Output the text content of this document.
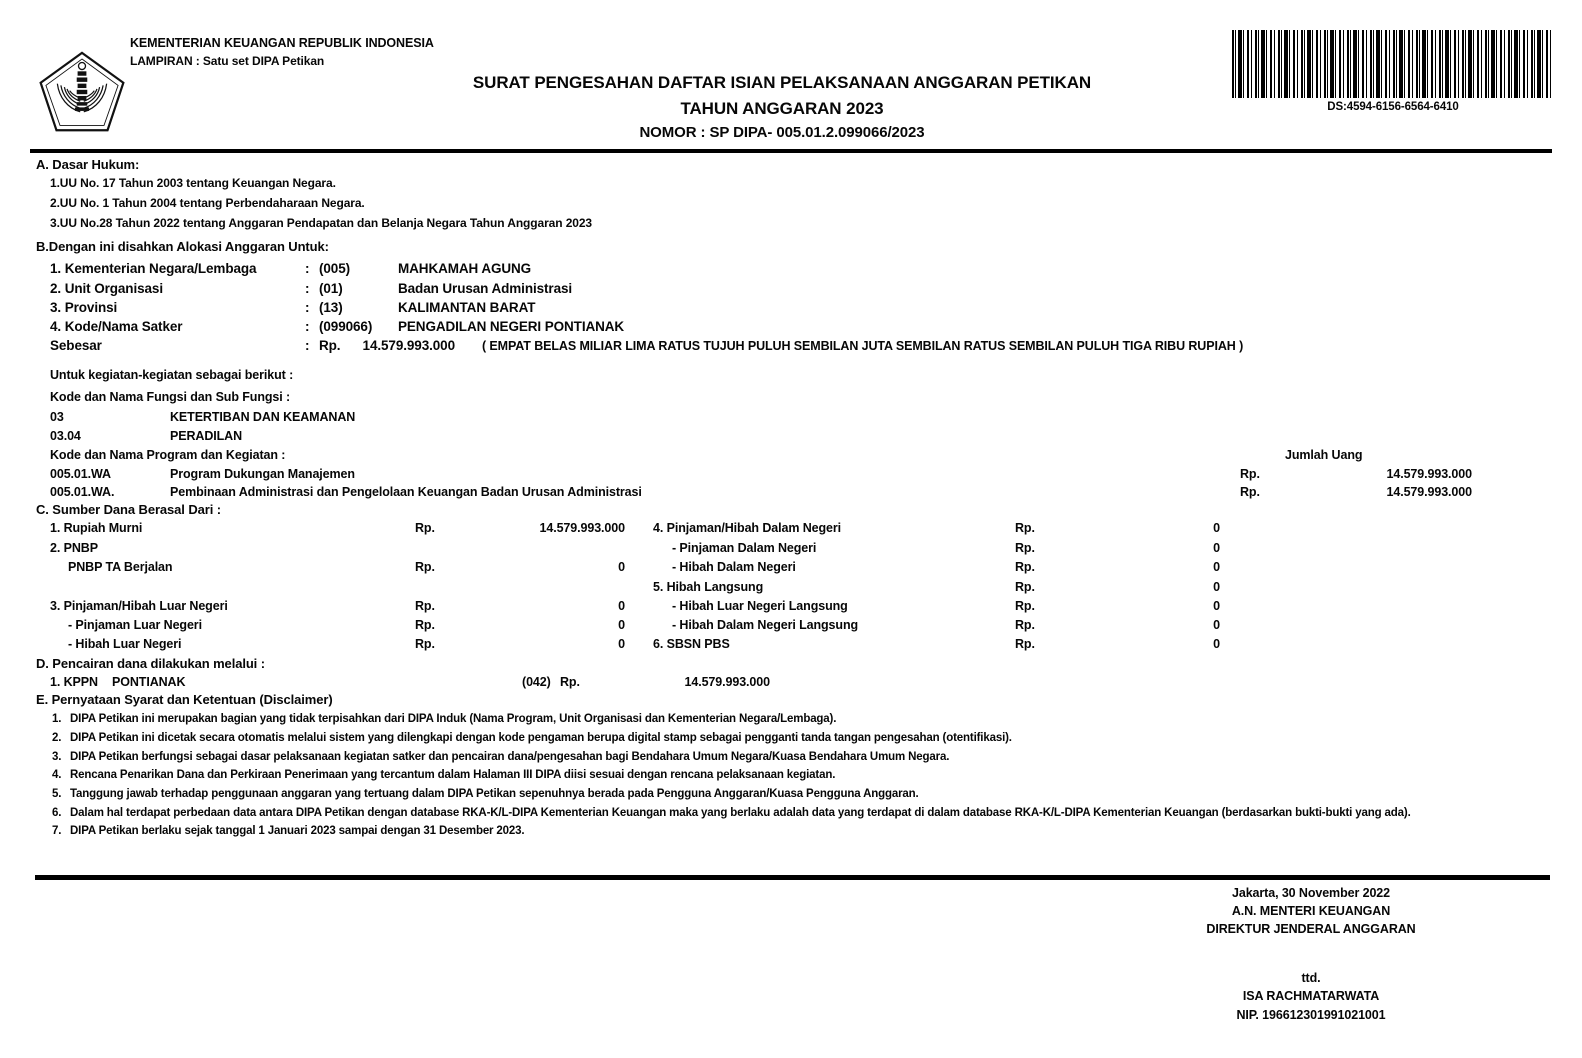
KEMENTERIAN KEUANGAN REPUBLIK INDONESIA
LAMPIRAN : Satu set DIPA Petikan
SURAT PENGESAHAN DAFTAR ISIAN PELAKSANAAN ANGGARAN PETIKAN
TAHUN ANGGARAN 2023
NOMOR : SP DIPA- 005.01.2.099066/2023
DS:4594-6156-6564-6410
A. Dasar Hukum:
1.UU No. 17 Tahun 2003 tentang Keuangan Negara.
2.UU No. 1 Tahun 2004 tentang Perbendaharaan Negara.
3.UU No.28 Tahun 2022 tentang Anggaran Pendapatan dan Belanja Negara Tahun Anggaran 2023
B.Dengan ini disahkan Alokasi Anggaran Untuk:
1. Kementerian Negara/Lembaga	: (005)	MAHKAMAH AGUNG
2. Unit Organisasi	: (01)	Badan Urusan Administrasi
3. Provinsi	: (13)	KALIMANTAN BARAT
4. Kode/Nama Satker	: (099066) PENGADILAN NEGERI PONTIANAK
Sebesar	: Rp.	14.579.993.000 ( EMPAT BELAS MILIAR LIMA RATUS TUJUH PULUH SEMBILAN JUTA SEMBILAN RATUS SEMBILAN PULUH TIGA RIBU RUPIAH )
Untuk kegiatan-kegiatan sebagai berikut :
Kode dan Nama Fungsi dan Sub Fungsi :
03	KETERTIBAN DAN KEAMANAN
03.04	PERADILAN
Kode dan Nama Program dan Kegiatan :	Jumlah Uang
005.01.WA	Program Dukungan Manajemen	Rp.	14.579.993.000
005.01.WA.	Pembinaan Administrasi dan Pengelolaan Keuangan Badan Urusan Administrasi	Rp.	14.579.993.000
C. Sumber Dana Berasal Dari :
1. Rupiah Murni	Rp.	14.579.993.000
2. PNBP
PNBP TA Berjalan	Rp.	0
3. Pinjaman/Hibah Luar Negeri	Rp.	0
- Pinjaman Luar Negeri	Rp.	0
- Hibah Luar Negeri	Rp.	0
4. Pinjaman/Hibah Dalam Negeri	Rp.	0
- Pinjaman Dalam Negeri	Rp.	0
- Hibah Dalam Negeri	Rp.	0
5. Hibah Langsung	Rp.	0
- Hibah Luar Negeri Langsung	Rp.	0
- Hibah Dalam Negeri Langsung	Rp.	0
6. SBSN PBS	Rp.	0
D. Pencairan dana dilakukan melalui :
1. KPPN PONTIANAK	(042) Rp.	14.579.993.000
E. Pernyataan Syarat dan Ketentuan (Disclaimer)
1. DIPA Petikan ini merupakan bagian yang tidak terpisahkan dari DIPA Induk (Nama Program, Unit Organisasi dan Kementerian Negara/Lembaga).
2. DIPA Petikan ini dicetak secara otomatis melalui sistem yang dilengkapi dengan kode pengaman berupa digital stamp sebagai pengganti tanda tangan pengesahan (otentifikasi).
3. DIPA Petikan berfungsi sebagai dasar pelaksanaan kegiatan satker dan pencairan dana/pengesahan bagi Bendahara Umum Negara/Kuasa Bendahara Umum Negara.
4. Rencana Penarikan Dana dan Perkiraan Penerimaan yang tercantum dalam Halaman III DIPA diisi sesuai dengan rencana pelaksanaan kegiatan.
5. Tanggung jawab terhadap penggunaan anggaran yang tertuang dalam DIPA Petikan sepenuhnya berada pada Pengguna Anggaran/Kuasa Pengguna Anggaran.
6. Dalam hal terdapat perbedaan data antara DIPA Petikan dengan database RKA-K/L-DIPA Kementerian Keuangan maka yang berlaku adalah data yang terdapat di dalam database RKA-K/L-DIPA Kementerian Keuangan (berdasarkan bukti-bukti yang ada).
7. DIPA Petikan berlaku sejak tanggal 1 Januari 2023 sampai dengan 31 Desember 2023.
Jakarta, 30 November 2022
A.N. MENTERI KEUANGAN
DIREKTUR JENDERAL ANGGARAN
ttd.
ISA RACHMATARWATA
NIP. 196612301991021001
